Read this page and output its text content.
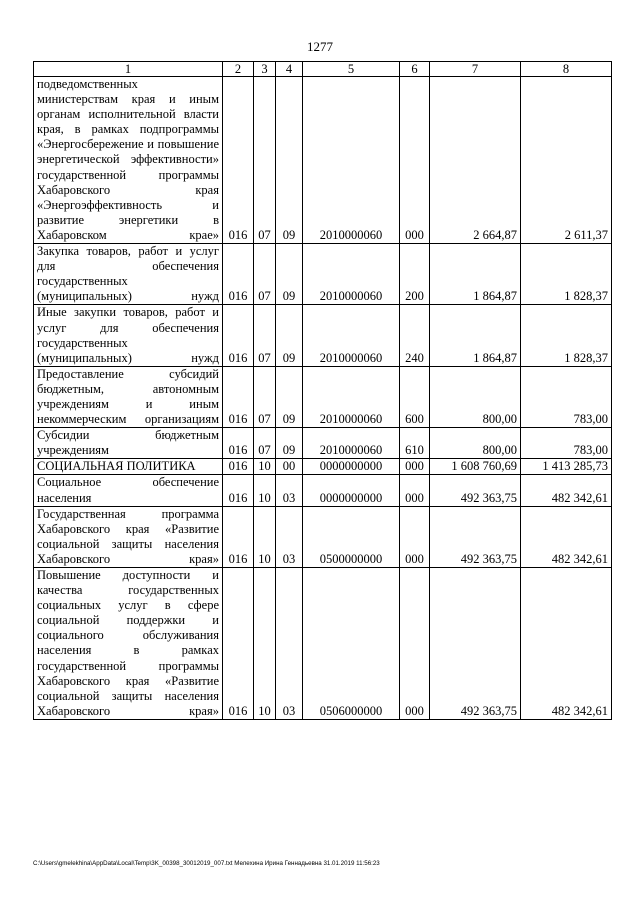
1277
1	2	3	4	5	6	7	8
подведомственных министерствам края и иным органам исполнительной власти края, в рамках подпрограммы «Энергосбережение и повышение энергетической эффективности» государственной программы Хабаровского края «Энергоэффективность и развитие энергетики в Хабаровском крае»	016	07	09	2010000060	000	2 664,87	2 611,37
Закупка товаров, работ и услуг для обеспечения государственных (муниципальных) нужд	016	07	09	2010000060	200	1 864,87	1 828,37
Иные закупки товаров, работ и услуг для обеспечения государственных (муниципальных) нужд	016	07	09	2010000060	240	1 864,87	1 828,37
Предоставление субсидий бюджетным, автономным учреждениям и иным некоммерческим организациям	016	07	09	2010000060	600	800,00	783,00
Субсидии бюджетным учреждениям	016	07	09	2010000060	610	800,00	783,00
СОЦИАЛЬНАЯ ПОЛИТИКА	016	10	00	0000000000	000	1 608 760,69	1 413 285,73
Социальное обеспечение населения	016	10	03	0000000000	000	492 363,75	482 342,61
Государственная программа Хабаровского края «Развитие социальной защиты населения Хабаровского края»	016	10	03	0500000000	000	492 363,75	482 342,61
Повышение доступности и качества государственных социальных услуг в сфере социальной поддержки и социального обслуживания населения в рамках государственной программы Хабаровского края «Развитие социальной защиты населения Хабаровского края»	016	10	03	0506000000	000	492 363,75	482 342,61
C:\Users\gmelekhina\AppData\Local\Temp\3K_00398_30012019_007.txt Мелехина Ирина Геннадьевна 31.01.2019 11:56:23
